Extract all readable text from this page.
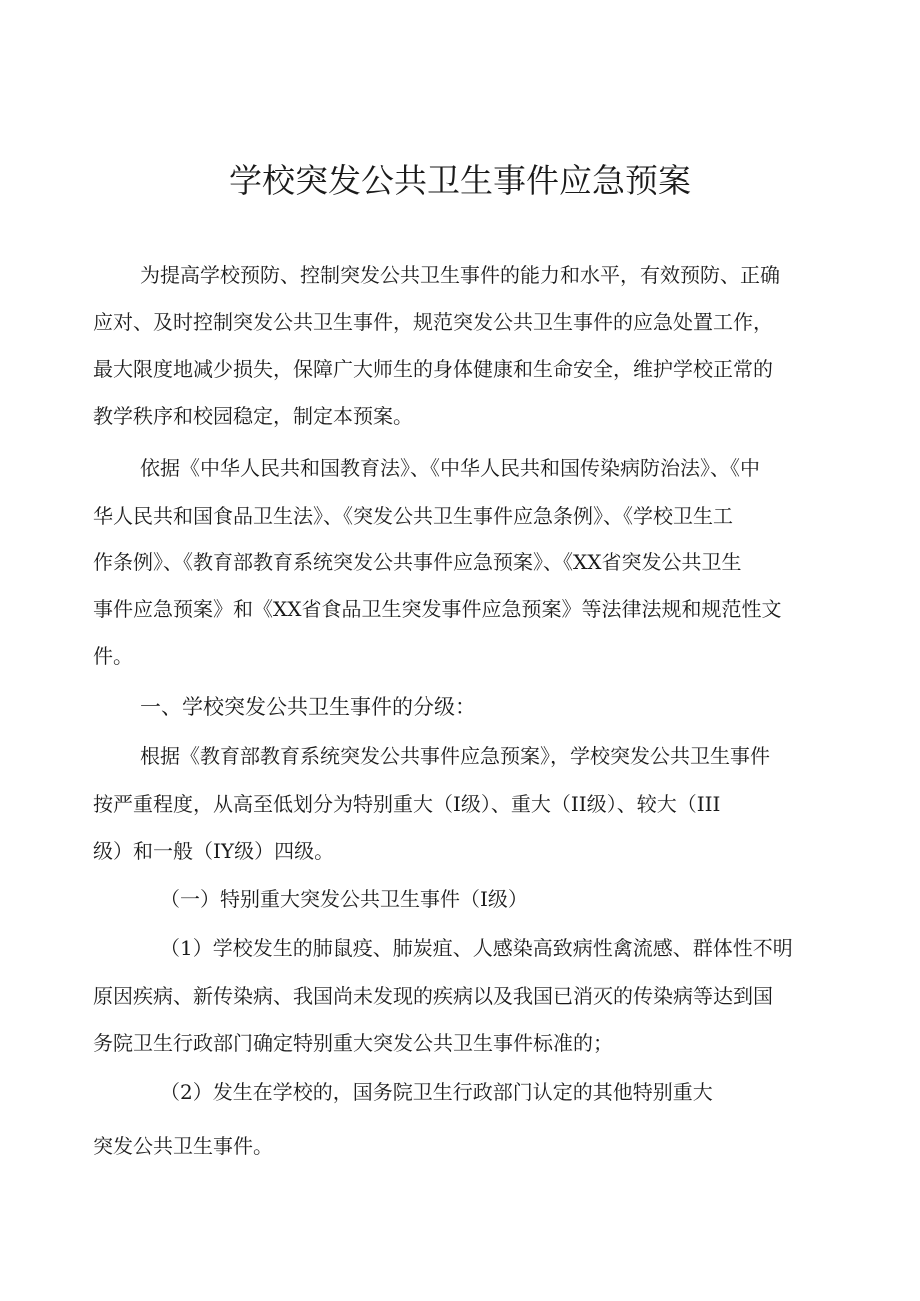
学校突发公共卫生事件应急预案
为提高学校预防、控制突发公共卫生事件的能力和水平，有效预防、正确
应对、及时控制突发公共卫生事件，规范突发公共卫生事件的应急处置工作，
最大限度地减少损失，保障广大师生的身体健康和生命安全，维护学校正常的
教学秩序和校园稳定，制定本预案。
依据《中华人民共和国教育法》、《中华人民共和国传染病防治法》、《中
华人民共和国食品卫生法》、《突发公共卫生事件应急条例》、《学校卫生工
作条例》、《教育部教育系统突发公共事件应急预案》、《XX省突发公共卫生
事件应急预案》和《XX省食品卫生突发事件应急预案》等法律法规和规范性文
件。
一、学校突发公共卫生事件的分级：
根据《教育部教育系统突发公共事件应急预案》，学校突发公共卫生事件
按严重程度，从高至低划分为特别重大（I级）、重大（II级）、较大（III
级）和一般（IY级）四级。
（一）特别重大突发公共卫生事件（I级）
（1）学校发生的肺鼠疫、肺炭疽、人感染高致病性禽流感、群体性不明
原因疾病、新传染病、我国尚未发现的疾病以及我国已消灭的传染病等达到国
务院卫生行政部门确定特别重大突发公共卫生事件标准的；
（2）发生在学校的，国务院卫生行政部门认定的其他特别重大
突发公共卫生事件。
